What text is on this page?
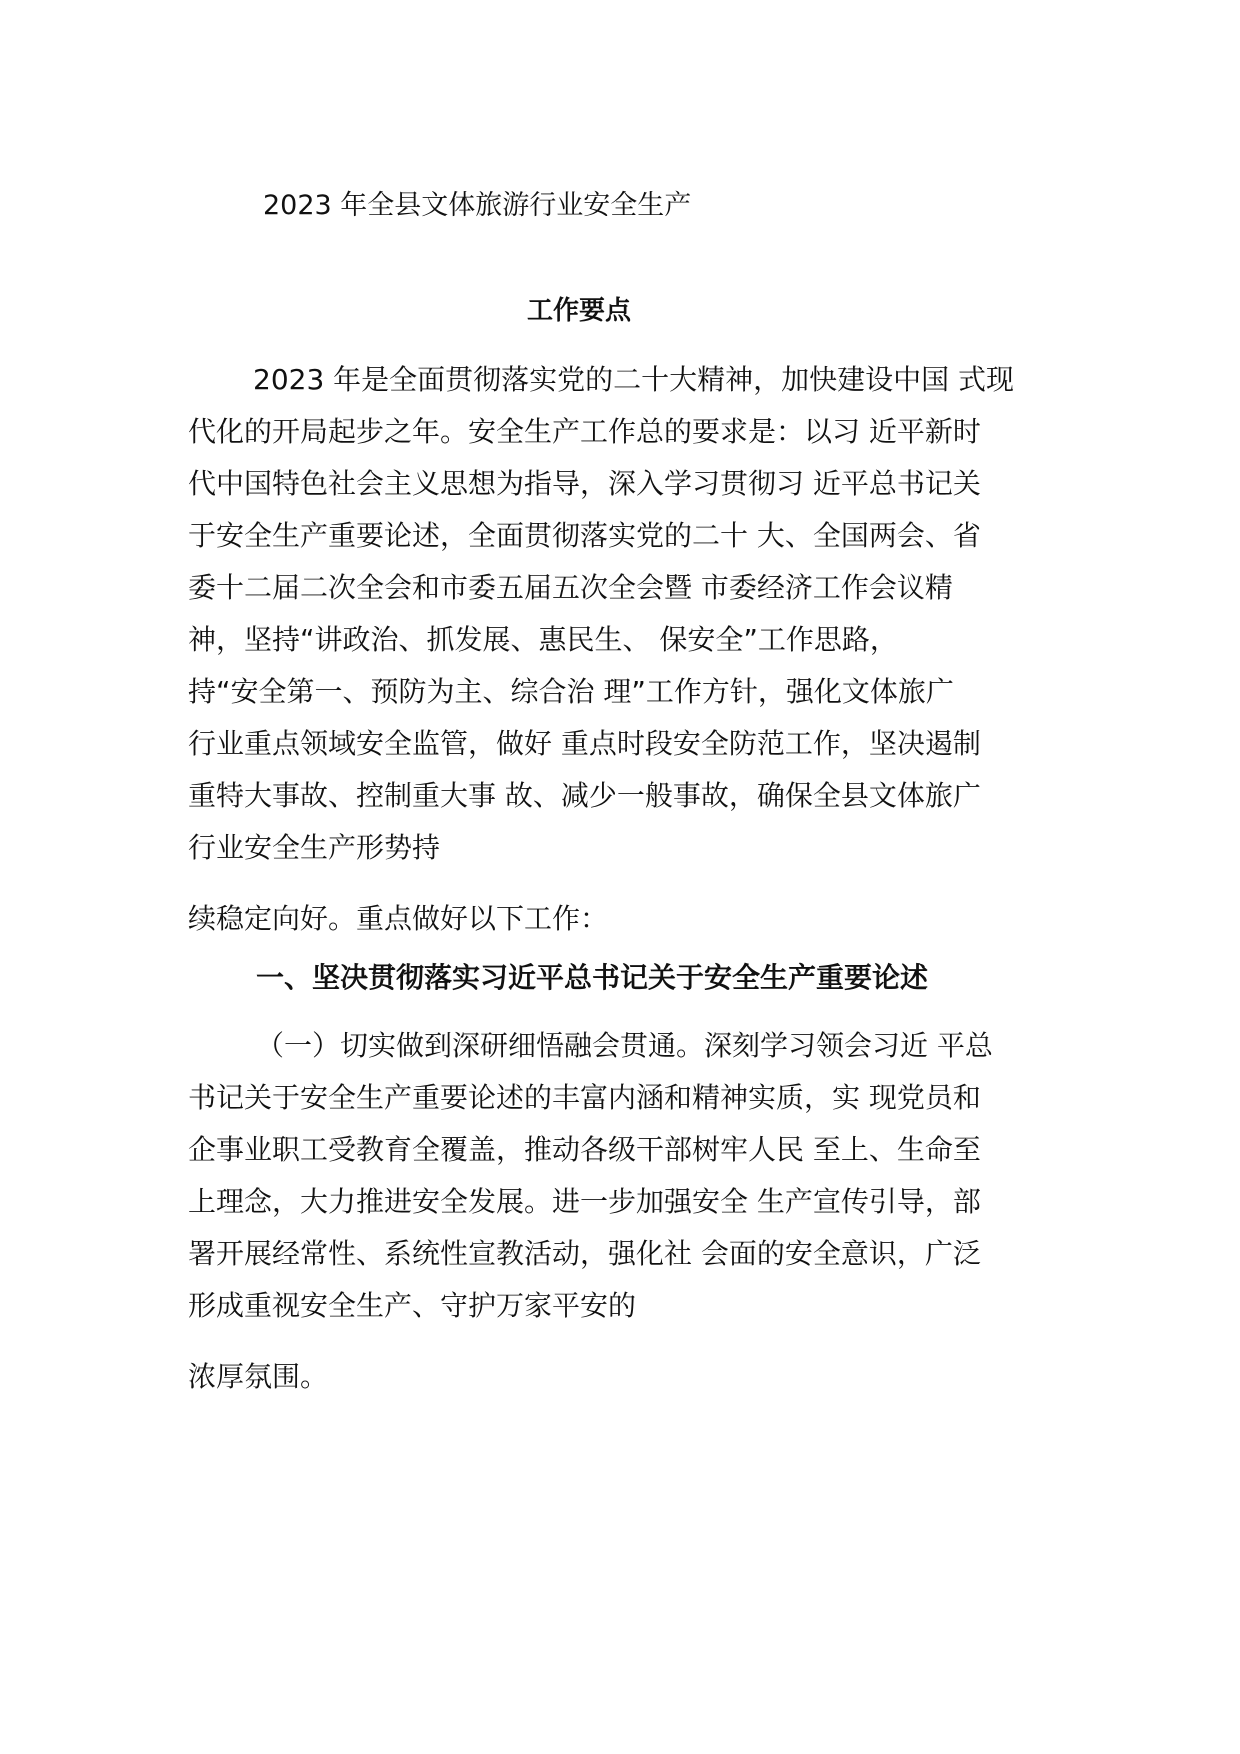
2023 年全县文体旅游行业安全生产
工作要点
2023 年是全面贯彻落实党的二十大精神，加快建设中国 式现
代化的开局起步之年。安全生产工作总的要求是：以习 近平新时
代中国特色社会主义思想为指导，深入学习贯彻习 近平总书记关
于安全生产重要论述，全面贯彻落实党的二十 大、全国两会、省
委十二届二次全会和市委五届五次全会暨 市委经济工作会议精
神，坚持“讲政治、抓发展、惠民生、 保安全”工作思路，
持“安全第一、预防为主、综合治 理”工作方针，强化文体旅广
行业重点领域安全监管，做好 重点时段安全防范工作，坚决遏制
重特大事故、控制重大事 故、减少一般事故，确保全县文体旅广
行业安全生产形势持
续稳定向好。重点做好以下工作：
一、坚决贯彻落实习近平总书记关于安全生产重要论述
（一）切实做到深研细悟融会贯通。深刻学习领会习近 平总
书记关于安全生产重要论述的丰富内涵和精神实质，实 现党员和
企事业职工受教育全覆盖，推动各级干部树牢人民 至上、生命至
上理念，大力推进安全发展。进一步加强安全 生产宣传引导，部
署开展经常性、系统性宣教活动，强化社 会面的安全意识，广泛
形成重视安全生产、守护万家平安的
浓厚氛围。
